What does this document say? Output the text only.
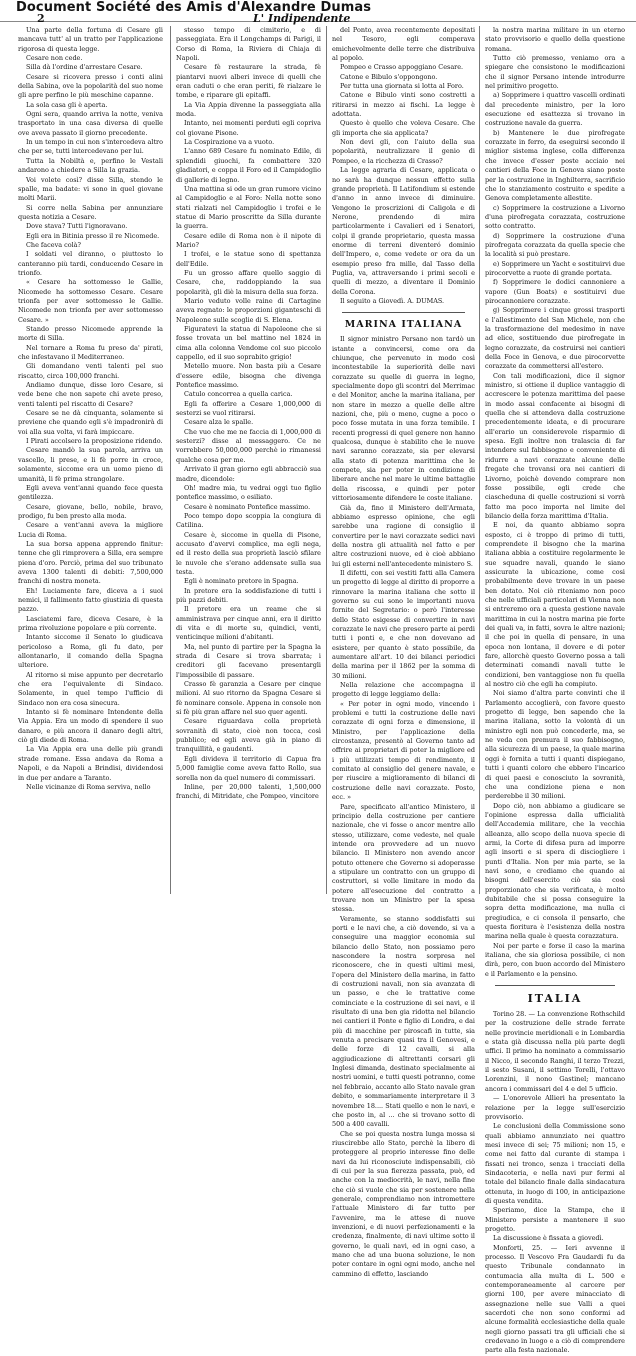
Document Société des Amis d'Alexandre Dumas
2	L' Indipendente

Una parte della fortuna di Cesare gli mancava tutt' al un tratto per l'applicazione rigorosa di questa legge.

Cesare non cede.

Silla dà l'ordine d'arrestare Cesare.

Cesare si ricovera presso i conti alini della Sabina, ove la popolarità del suo nome gli apre perfino le più meschine capanne.

La sola casa gli è aperta.

Ogni sera, quando arriva la notte, veniva trasportato in una casa diversa di quelle ove aveva passato il giorno precedente.

In un tempo in cui non s'intercedeva altro che per se, tutti intercedevano per lui.

Tutta la Nobiltà e, perfino le Vestali andarono a chiedere a Silla la grazia.

Voi volete così? disse Silla, stendo le spalle, ma badate: vi sono in quel giovane molti Marii.

Si corre nella Sabina per annunziare questa notizia a Cesare.

Dove stava? Tutti l'ignoravano.

Egli era in Bitinia presso il re Nicomede.

Che faceva colà?

I soldati vel diranno, o piuttosto lo canteranno più tardi, conducendo Cesare in trionfo.

« Cesare ha sottomesso le Gallie, Nicomede ha sottomesso Cesare. Cesare trionfa per aver sottomesso le Gallie. Nicomede non trionfa per aver sottomesso Cesare. »

Stando presso Nicomede apprende la morte di Silla.

Nel tornare a Roma fu preso da' pirati, che infestavano il Mediterraneo.

Gli domandano venti talenti pel suo riscatto, circa 100,000 franchi.

Andiamo dunque, disse loro Cesare, si vede bene che non sapete chi avete preso, venti talenti pel riscatto di Cesare?

Cesare se ne dà cinquanta, solamente si previene che quando egli s'è impadronirà di voi alla sua volta, vi farà impiccare.

I Pirati accolsero la proposizione ridendo.

Cesare mandò la sua parola, arriva un vascello, li prese, e li fè porre in croce, solamente, siccome era un uomo pieno di umanità, li fè prima strangolare.

Egli aveva vent'anni quando fece questa gentilezza.

Cesare, giovane, bello, nobile, bravo, prodigo, fu ben presto alla moda.

Cesare a vent'anni aveva la migliore Lucia di Roma.

La sua borsa appena apprendo finitur: tenne che gli rimprovera a Silla, era sempre piena d'oro. Perciò, prima del suo tribunato aveva 1300 talenti di debiti: 7,500,000 franchi di nostra moneta.

Eh! Luciamente fare, diceva a i suoi nemici, il fallimento fatto giustizia di questa pazzo.

Lasciatemi fare, diceva Cesare, è la prima rivoluzione popolare e più corrente.

Intanto siccome il Senato lo giudicava pericoloso a Roma, gli fu dato, per allontanarlo, il comando della Spagna ulteriore.

Al ritorno si mise appunto per decretarlo che era l'equivalente di Sindaco. Solamente, in quel tempo l'ufficio di Sindaco non era cosa sinecura.

Intanto si fè nominare Intendente della Via Appia. Era un modo di spendere il suo danaro, e più ancora il danaro degli altri, ciò gli diede di Roma.

La Via Appia era una delle più grandi strade romane. Essa andava da Roma a Napoli, e da Napoli a Brindisi, dividendosi in due per andare a Taranto.

Nelle vicinanze di Roma serviva, nello

stesso tempo di cimiterio, e di passeggiata. Era il Longchamps di Parigi, il Corso di Roma, la Riviera di Chiaja di Napoli.

Cesare fè restaurare la strada, fè piantarvi nuovi alberi invece di quelli che eran caduti o che eran periti, fè rialzare le tombe, e riparare gli epitaffi.

La Via Appia divenne la passeggiata alla moda.

Intanto, nei momenti perduti egli copriva col giovane Pisone.

La Cospirazione va a vuoto.

L'anno 689 Cesare fu nominato Edile, di splendidi giuochi, fa combattere 320 gladiatori, e coppa il Foro ed il Campidoglio di gallerie di legno.

Una mattina si ode un gran rumore vicino al Campidoglio e al Foro: Nella notte sono stati rialzati nel Campidoglio i trofei e le statue di Mario proscritte da Silla durante la guerra.

Cesare edile di Roma non è il nipote di Mario?

I trofei, e le statue sono di spettanza dell'Edile.

Fu un grosso affare quello saggio di Cesare, che, raddoppiando la sua popolarità, gli diè la misura della sua forza.

Mario veduto volle raine di Cartagine aveva regnato: le proporzioni giganteschi di Napoleone sulle scoglie di S. Elena.

Figuratevi la statua di Napoleone che si fosse trovata un bel mattino nel 1824 in cima alla colonna Vendome col suo piccolo cappello, ed il suo soprabito grigio!

Metello muore. Non basta più a Cesare d'essere edile, bisogna che divenga Pontefice massimo.

Catulo concorrea a quella carica.

Egli fa offerire a Cesare 1,000,000 di sesterzi se vuol ritirarsi.

Cesare alza le spalle.

Che vuo che me ne faccia di 1,000,000 di sesterzi? disse al messaggero. Ce ne vorrebbero 50,000,000 perchè io rimanessi qualche cosa per me.

Arrivato il gran giorno egli abbracciò sua madre, dicendole:

Oh! madre mia, tu vedrai oggi tuo figlio pontefice massimo, o esiliato.

Cesare è nominato Pontefice massimo.

Poco tempo dopo scoppia la congiura di Catilina.

Cesare è, siccome in quella di Pisone, accusato d'avervi complice, ma egli nega, ed il resto della sua proprietà lasciò sfilare le nuvole che s'erano addensate sulla sua testa.

Egli è nominato pretore in Spagna.

In pretore era la soddisfazione di tutti i più pazzi debiti.

Il pretore era un reame che si amministrava per cinque anni, era il diritto di vita e di morte su, quindici, venti, venticinque milioni d'abitanti.

Ma, nel punto di partire per la Spagna la strada di Cesare si trova sbarrata; i creditori gli facevano presentargli l'impossibile di passare.

Crasso fè garanzia a Cesare per cinque milioni. Al suo ritorno da Spagna Cesare si fè nominare console. Appena in console non si fè più gran affare nel suo quer agenti.

Cesare riguardava colla proprietà sovranità di stato, cioè non tocca, così pubblico; ed egli aveva già in piano di tranquillità, e gaudenti.

Egli divideva il territorio di Capua fra 5,000 famiglie come aveva fatto Rollo, sua sorella non da quel numero di commissari.

Inline, per 20,000 talenti, 1,500,000 franchi, di Mitridate, che Pompeo, vincitore

del Ponto, avea recentemente depositati nel Tesoro, egli comperava emichevolmente delle terre che distribuiva al popolo.

Pompeo e Crasso appoggiano Cesare.

Catone e Bibulo s'oppongono.

Per tutta una giornata si lotta al Foro.

Catone e Bibulo vinti sono costretti a ritirarsi in mezzo ai fischi. La legge è adottata.

Questo è quello che voleva Cesare. Che gli importa che sia applicata?

Non devi gli, con l'aiuto della sua popolarità, neutralizzare il genio di Pompeo, e la ricchezza di Crasso?

La legge agraria di Cesare, applicata o no sarà ha dunque nessun effetto sulla grande proprietà. Il Latifondium si estende d'anno in anno invece di diminuire. Vengono le proscrizioni di Caligola e di Nerone, prendendo di mira particolarmente i Cavalieri ed i Senatori, colpi il grande proprietario, questa massa enorme di terreni diventeró dominio dell'Impero, e, come vedete or ora da un esempio preso fra mille, dal Tasso della Puglia, va, attraversando i primi secoli e quelli di mezzo, a diventare il Dominio della Corona.

Il seguito a Giovedì. A. DUMAS.

MARINA ITALIANA

Il signor ministro Persano non tardò un istante a convincersi, come ora da chiunque, che pervenuto in modo così incontestabile la superiorità delle navi corazzate su quelle di guerra in legno, specialmente dopo gli scontri del Merrimac e del Monitor, anche la marina italiana, per non stare in mezzo a quelle delle altre nazioni, che, più o meno, cugne a poco o poco fosse mutata in una forza temibile. I recenti progressi di quel genere non hanno qualcosa, dunque è stabilito che le nuove navi saranno corazzate, sia per elevarsi alla stato di potenza marittima che le compete, sia per poter in condizione di liberare anche nel mare le ultime battaglie della riscossa, e quindi per poter vittoriosamente difendere le coste italiane.

Già da, fino il Ministero dell'Armata, abbiamo espresso opinione, che egli sarebbe una ragione di consiglio il convertire per le navi corazzate sedici navi della nostra gli attualità nel fatto e per altre costruzioni nuove, ed è cioè abbiano lui gli esterni nell'antecedente ministero S.

Il difetti, con sei vestiti fatti alla Camera un progetto di legge al diritto di proporre a rinnovare la marina italiana che sotto il governo su cui sono le importanti nuova fornite del Segretario: o però l'interesse dello Stato esigesse di convertire in navi corazzate le navi che presero parte ai perdi tutti i ponti e, e che non dovevano ad esistere, per quanto è stato possibile, da aumentare all'art. 10 dei bilanci periodici della marina per il 1862 per la somma di 30 milioni.

Nella relazione che accompagna il progetto di legge leggiamo della:

« Per poter in ogni modo, vincendo i problemi e tutti la costruzione delle navi corazzate di ogni forza e dimensione, il Ministro, per l'applicazione della circostanza, presentò al Governo tanto ad offrire ai proprietari di poter la migliore ed i più utilizzati tempo di rendimento, il comitato al consiglio del genere navale, e per riuscire a miglioramento di bilanci di costruzione delle navi corazzate. Posto, ecc. »

Pare, specificato all'antico Ministero, il principio della costruzione per cantiere nazionale, che vi fosse o ancor mentre allo stesso, utilizzare, come vedeste, nel quale intende ora provvedere ad un nuovo bilancio. Il Ministero non avendo ancor potuto ottenere che Governo si adoperasse a stipulare un contratto con un gruppo di costruttori, si volle limitare in modo da potere all'esecuzione del contratto a trovare non un Ministro per la spesa stessa.

Veramente, se stanno soddisfatti sui porti e le navi che, a ciò dovendo, si va a conseguire una maggior economia sul bilancio dello Stato, non possiamo pero nascondere la nostra sorpresa nel riconoscere, che in questi ultimi mesi, l'opera del Ministero della marina, in fatto di costruzioni navali, non sia avanzata di un passo, e che le trattative come cominciate e la costruzione di sei navi, e il risultato di una ben gia ridotta nel bilancio nei cantieri il Ponte e figlio di Londra, e dai più di macchine per piroscafi in tutte, sia venuta a precisare quasi tra il Genovesi, e delle forze di 12 cavalli, si alla aggiudicazione di altrettanti corsari gli Inglesi dimanda, destinato specialmente ai nostri uomini, e tutti questi potranno, come nel febbraio, accanto allo Stato navale gran debito, e sommariamente interpretare il 3 novembre 18.... Stati quello e non le navi, e che posto in, al ... che si trovano sotto di 500 a 400 cavalli.

Che se poi questa nostra lunga mossa si riuscirebbe allo Stato, perchè la libero di proteggere al proprio interesse fino delle navi da lui riconosciute indispensabili, ciò di cui per la sua fierezza passata, può, ed anche con la mediocrità, le navi, nella fine che ciò si vuole che sia per sostenere nella generale, comprendiamo non intromettere l'attuale Ministero di far tutto per l'avvenire, ma le attese di nuove invenzioni, e di nuovi perfezionamenti e la credenza, finalmente, di navi ultime sotto il governo, le quali navi, ed in ogni caso, a mano che ad una buona soluzione, le non poter contare in ogni ogni modo, anche nel cammino di effetto, lasciando

la nostra marina militare in un eterno stato provvisorio e quello della questione romana.

Tutto ciò premesso, veniamo ora a spiegare che consistono le modificazioni che il signor Persano intende introdurre nel primitivo progetto.

a) Sopprimere i quattro vascelli ordinati dal precedente ministro, per la loro esecuzione ed esattezza si trovano in costruzione navale da guerra.

b) Mantenere le due pirofregate corazzate in ferro, da eseguirsi secondo il miglior sistema inglese, colla differenza che invece d'esser poste acciaio nei cantieri della Foce in Genova siano poste per la costruzione in Inghilterra, sacrificio che lo stanziamento costruito e spedite a Genova completamente allestite.

c) Sopprimere la costruzione a Livorno d'una pirofregata corazzata, costruzione sotto contratto.

d) Sopprimere la costruzione d'una pirofregata corazzata da quella specie che la località si può prestare.

e) Sopprimere un Yacht e sostituirvi due pirocorvette a ruote di grande portata.

f) Sopprimere le dodici cannoniere a vapore (Gun Boats) e sostituirvi due pirocannoniere corazzate.

g) Sopprimere i cinque grossi trasporti e l'allestimento del San Michele, non che la trasformazione del medesimo in nave ad elice, sostituendo due pirofregate in legno corazzate, da costruirsi nei cantieri della Foce in Genova, e due pirocorvette corazzate da commettersi all'estero.

Con tali modificazioni, dice il signor ministro, si ottiene il duplice vantaggio di accrescere le potenza marittima del paese in modo assai confacente ai bisogni di quella che si attendeva dalla costruzione precedentemente ideata, e di procurare all'erario un considerevole risparmio di spesa. Egli inoltre non tralascia di far intendere sul fabbisogno e conveniente di ridurre a navi corazzate alcune delle fregate che trovansi ora nei cantieri di Livorno, poichè dovendo comprare non fosse possibile, egli crede che ciascheduna di quelle costruzioni si vorrà fatto ma poco importa nel limite del bilancio della forza marittima d'Italia.

E noi, da quanto abbiamo sopra esposto, ci è troppo di primo di tutti, comprendete il bisogno che la marina italiana abbia a costituire regolarmente le sue squadre navali, quando le siano assicurate la ubicazione, come cosi probabilmente deve trovare in un paese ben dotato. Noi ciò riteniamo non poco che nelle ufficiali particolari di Vienna non si entreremo ora a questa gestione navale marittima in cui la nostra marina pie forte dei quali va, in fatti, sovra le altre nazioni; il che poi in quella di pensare, in una epoca non lontana, il dovere e di poter fare, allorchè questo Governo possa a tali determinati comandi navali tutte le condizioni, ben vantaggiose non fu quella al nostro ciò che egli ha compiuto.

Noi siamo d'altra parte convinti che il Parlamento accoglierà, con favore questo progetto di legge, ben sapendo che la marina italiana, sotto la volontà di un ministro egli non può concederle, ma, se ne veda con premura il suo fabbisogno, alla sicurezza di un paese, la quale marina oggi è fornita a tutti i quanti dispiegano, tutti i quanti coloro che ebbero l'incarico di quei paesi e conosciuto la sovranità, che una condizione piena e non perderebbe il 30 milioni.

Dopo ciò, non abbiamo a giudicare se l'opinione espressa dalla ufficialità dell'Accademia militare, che la vecchia alleanza, allo scopo della nuova specie di armi, la Corte di difesa pura ad imporre agli insorti e si spera di disciogliere i punti d'Italia. Non per mia parte, se la navi sono, e crediamo che quando ai bisogni dell'esercito ciò sia così proporzionato che sia verificata, è molto dubitabile che si possa conseguire la sopra detta modificazione, ma nulla ci pregiudica, e ci consola il pensarlo, che questa fioritura è l'esistenza della nostra marina nella quale è questa corazzatura.

Noi per parte e forse il caso la marina italiana, che sia gloriosa possibile, ci non dirà, pero, con buon accordo del Ministero e il Parlamento e la pensino.

ITALIA

Torino 28. — La convenzione Rothschild per la costruzione delle strade ferrate nelle provincie meridionali e in Lombardia e stata già discussa nella più parte degli uffici. Il primo ha nominato a commissario il Nicco, il secondo Ranghi, il terzo Trezzi, il sesto Susani, il settimo Torelli, l'ottavo Lorenzini, il nono Gastinel; mancano ancora i commissari del 4 e del 5 ufficio.

— L'onorevole Allieri ha presentato la relazione per la legge sull'esercizio provvisorio.

Le conclusioni della Commissione sono quali abbiamo annunziato nei quattro mesi invece di sei; 75 milioni; non 15, e come nei fatto dal curante di stampa i fissati nei tronco, senza i tracciati della Sindacoteria, e nella navi pur fermi al totale del bilancio finale dalla sindacatura ottenuta, in luogo di 100, in anticipazione di questa vendita.

Speriamo, dice la Stampa, che il Ministero persiste a mantenere il suo progetto.

La discussione è fissata a giovedì.

Monforti, 25. — Ieri avvenne il processo. Il Vescovo Fra Gaudardi fu da questo Tribunale condannato in contumacia alla multa di L. 500 e contemporaneamente al carcere per giorni 100, per avere minacciato di assegnazione nelle sue Valli a quei sacerdoti che non sono conformi ad alcune formalità ecclesiastiche della quale negli giorno passati tra gli ufficiali che si credevano in luogo e a ciò di comprendere parte alla festa nazionale.
